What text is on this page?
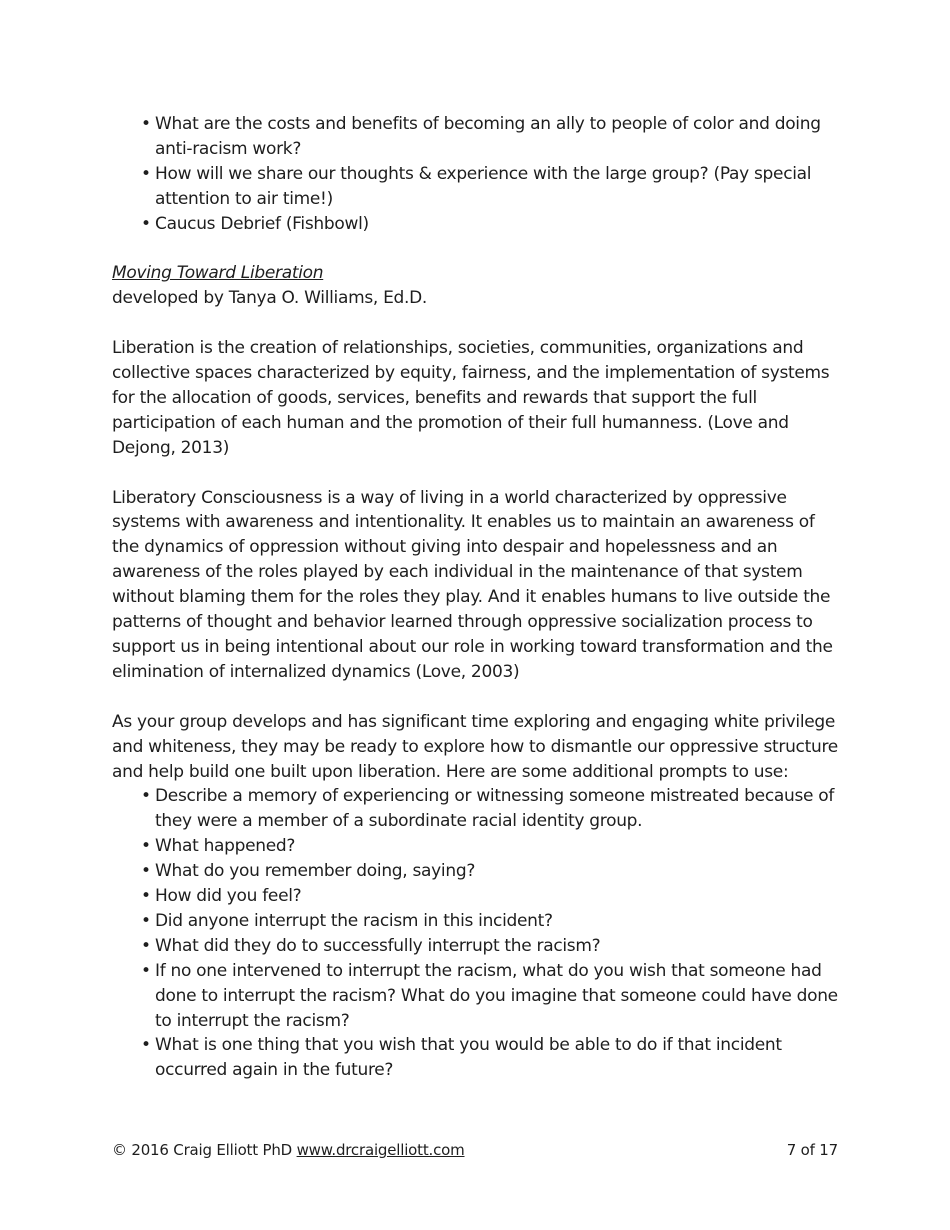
• What are the costs and benefits of becoming an ally to people of color and doing anti-racism work?
• How will we share our thoughts & experience with the large group? (Pay special attention to air time!)
• Caucus Debrief (Fishbowl)

Moving Toward Liberation

developed by Tanya O. Williams, Ed.D.

Liberation is the creation of relationships, societies, communities, organizations and collective spaces characterized by equity, fairness, and the implementation of systems for the allocation of goods, services, benefits and rewards that support the full participation of each human and the promotion of their full humanness. (Love and Dejong, 2013)

Liberatory Consciousness is a way of living in a world characterized by oppressive systems with awareness and intentionality. It enables us to maintain an awareness of the dynamics of oppression without giving into despair and hopelessness and an awareness of the roles played by each individual in the maintenance of that system without blaming them for the roles they play. And it enables humans to live outside the patterns of thought and behavior learned through oppressive socialization process to support us in being intentional about our role in working toward transformation and the elimination of internalized dynamics (Love, 2003)

As your group develops and has significant time exploring and engaging white privilege and whiteness, they may be ready to explore how to dismantle our oppressive structure and help build one built upon liberation. Here are some additional prompts to use:

• Describe a memory of experiencing or witnessing someone mistreated because of they were a member of a subordinate racial identity group.
• What happened?
• What do you remember doing, saying?
• How did you feel?
• Did anyone interrupt the racism in this incident?
• What did they do to successfully interrupt the racism?
• If no one intervened to interrupt the racism, what do you wish that someone had done to interrupt the racism? What do you imagine that someone could have done to interrupt the racism?
• What is one thing that you wish that you would be able to do if that incident occurred again in the future?
© 2016 Craig Elliott PhD www.drcraigelliott.com	7 of 17
